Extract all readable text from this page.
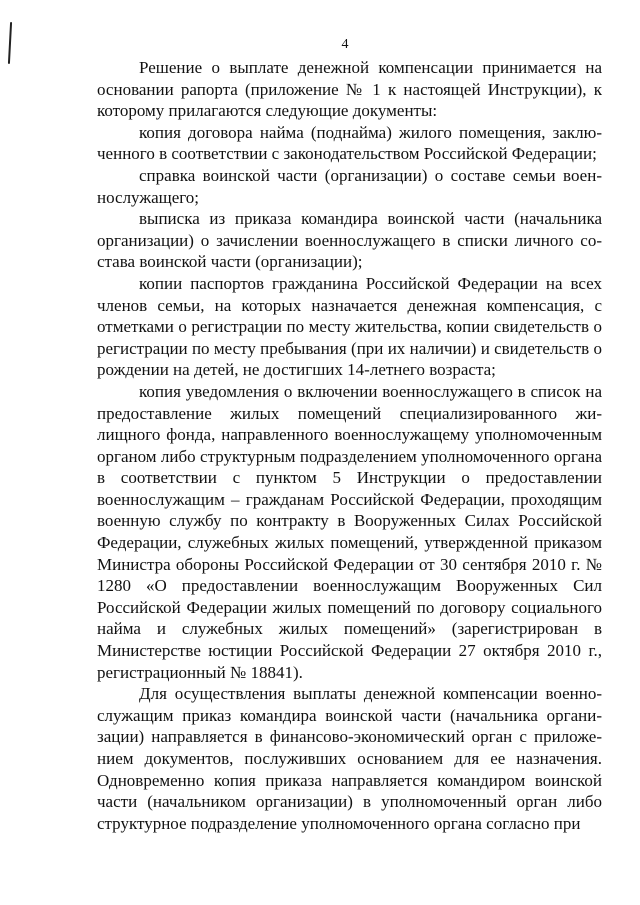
4

Решение о выплате денежной компенсации принимается на основании рапорта (приложение № 1 к настоящей Инструкции), к которому прилагаются следующие документы:

копия договора найма (поднайма) жилого помещения, заключенного в соответствии с законодательством Российской Федерации;

справка воинской части (организации) о составе семьи военнослужащего;

выписка из приказа командира воинской части (начальника организации) о зачислении военнослужащего в списки личного состава воинской части (организации);

копии паспортов гражданина Российской Федерации на всех членов семьи, на которых назначается денежная компенсация, с отметками о регистрации по месту жительства, копии свидетельств о регистрации по месту пребывания (при их наличии) и свидетельств о рождении на детей, не достигших 14-летнего возраста;

копия уведомления о включении военнослужащего в список на предоставление жилых помещений специализированного жилищного фонда, направленного военнослужащему уполномоченным органом либо структурным подразделением уполномоченного органа в соответствии с пунктом 5 Инструкции о предоставлении военнослужащим – гражданам Российской Федерации, проходящим военную службу по контракту в Вооруженных Силах Российской Федерации, служебных жилых помещений, утвержденной приказом Министра обороны Российской Федерации от 30 сентября 2010 г. № 1280 «О предоставлении военнослужащим Вооруженных Сил Российской Федерации жилых помещений по договору социального найма и служебных жилых помещений» (зарегистрирован в Министерстве юстиции Российской Федерации 27 октября 2010 г., регистрационный № 18841).

Для осуществления выплаты денежной компенсации военнослужащим приказ командира воинской части (начальника организации) направляется в финансово-экономический орган с приложением документов, послуживших основанием для ее назначения. Одновременно копия приказа направляется командиром воинской части (начальником организации) в уполномоченный орган либо структурное подразделение уполномоченного органа согласно при
